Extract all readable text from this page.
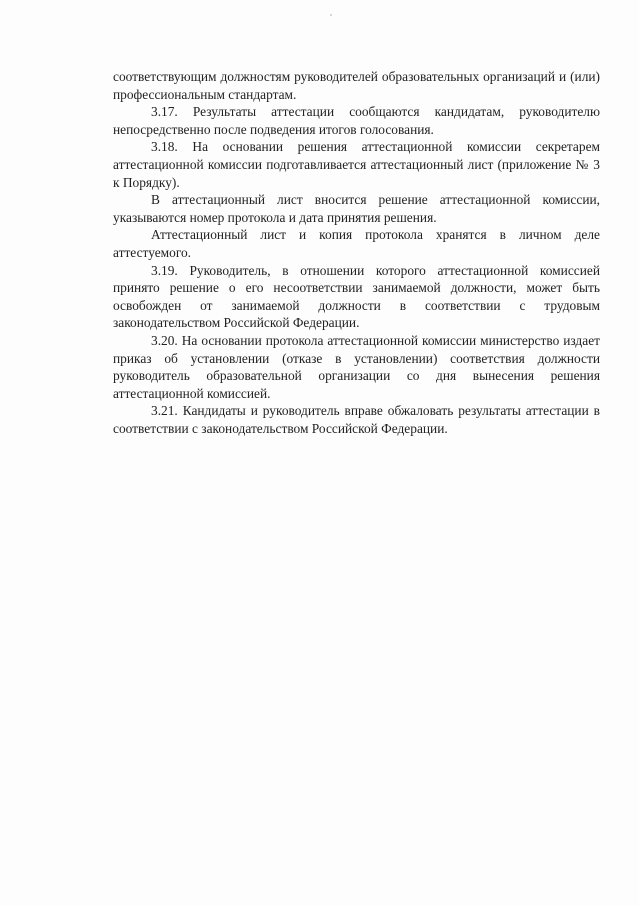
соответствующим должностям руководителей образовательных организаций и (или) профессиональным стандартам.

3.17. Результаты аттестации сообщаются кандидатам, руководителю непосредственно после подведения итогов голосования.

3.18. На основании решения аттестационной комиссии секретарем аттестационной комиссии подготавливается аттестационный лист (приложение № 3 к Порядку).

В аттестационный лист вносится решение аттестационной комиссии, указываются номер протокола и дата принятия решения.

Аттестационный лист и копия протокола хранятся в личном деле аттестуемого.

3.19. Руководитель, в отношении которого аттестационной комиссией принято решение о его несоответствии занимаемой должности, может быть освобожден от занимаемой должности в соответствии с трудовым законодательством Российской Федерации.

3.20. На основании протокола аттестационной комиссии министерство издает приказ об установлении (отказе в установлении) соответствия должности руководитель образовательной организации со дня вынесения решения аттестационной комиссией.

3.21. Кандидаты и руководитель вправе обжаловать результаты аттестации в соответствии с законодательством Российской Федерации.
